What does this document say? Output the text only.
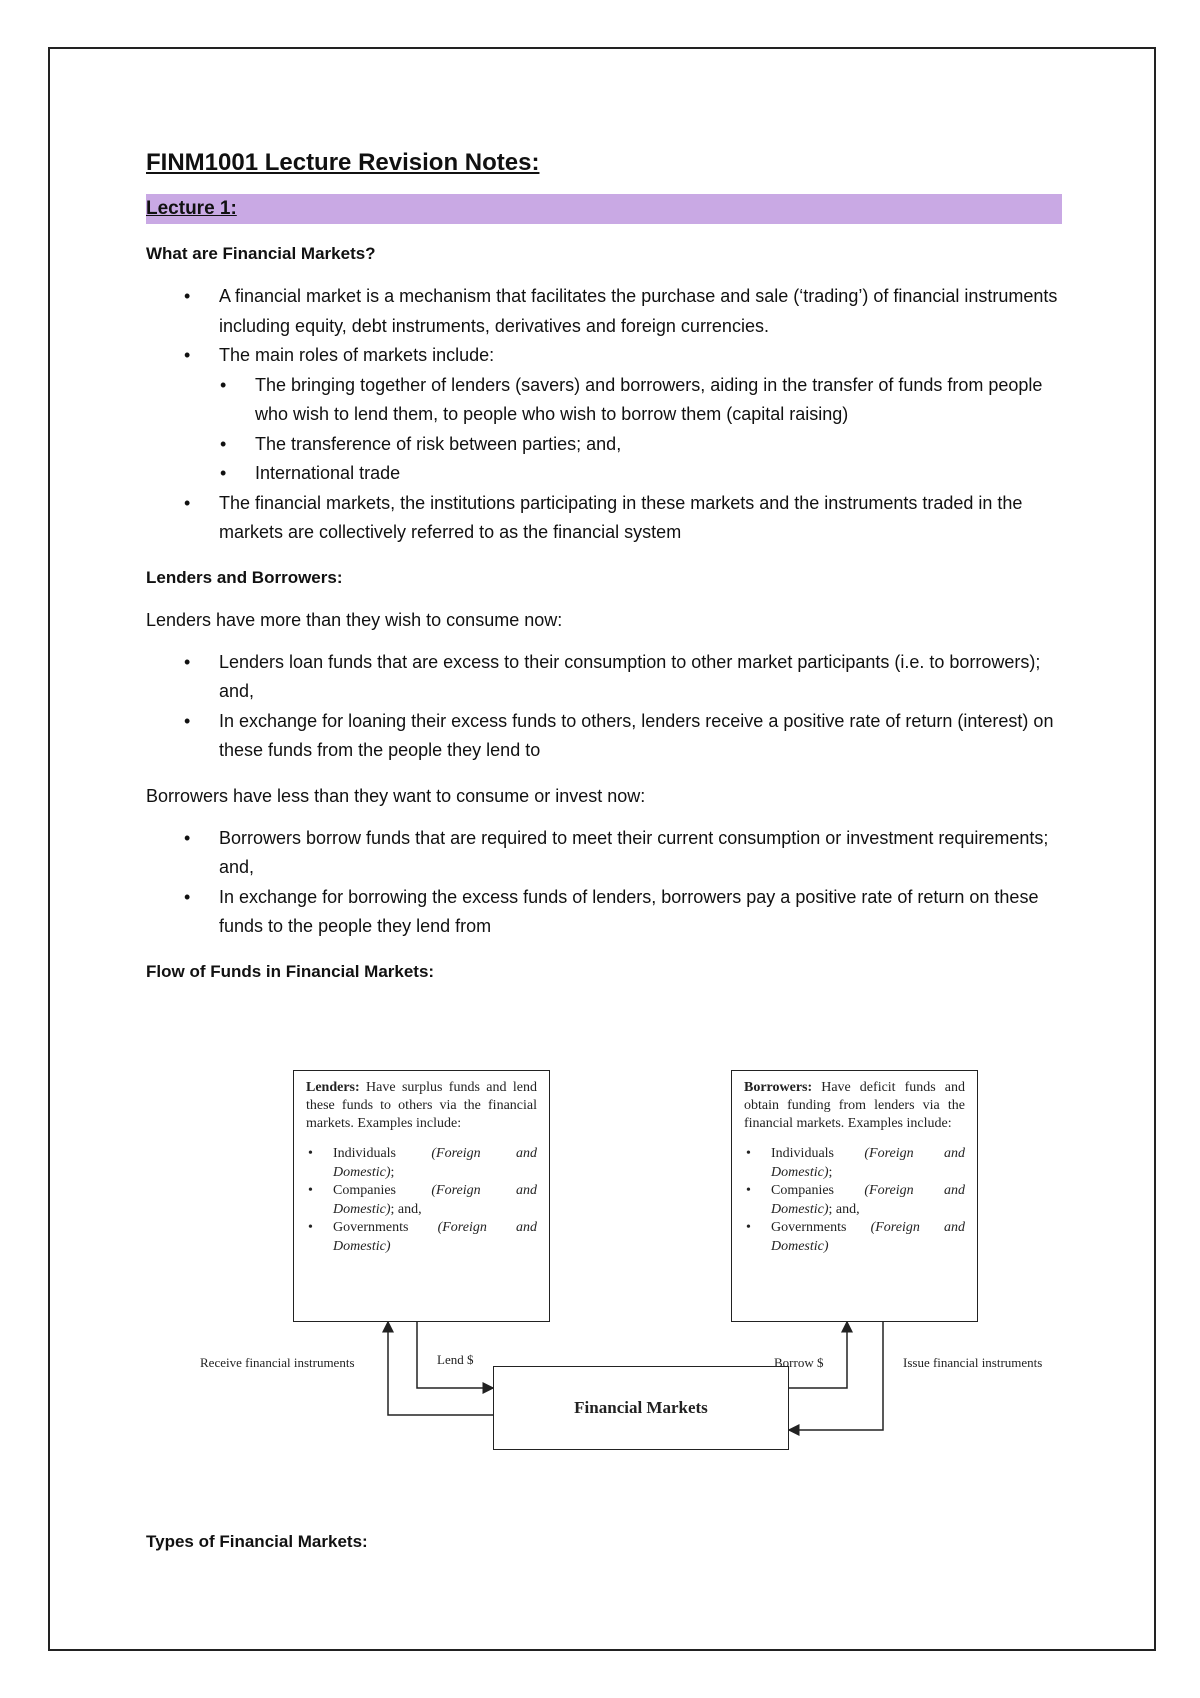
FINM1001 Lecture Revision Notes:
Lecture 1:
What are Financial Markets?
• A financial market is a mechanism that facilitates the purchase and sale (‘trading’) of financial instruments including equity, debt instruments, derivatives and foreign currencies.
• The main roles of markets include:
• The bringing together of lenders (savers) and borrowers, aiding in the transfer of funds from people who wish to lend them, to people who wish to borrow them (capital raising)
• The transference of risk between parties; and,
• International trade
• The financial markets, the institutions participating in these markets and the instruments traded in the markets are collectively referred to as the financial system
Lenders and Borrowers:
Lenders have more than they wish to consume now:
• Lenders loan funds that are excess to their consumption to other market participants (i.e. to borrowers); and,
• In exchange for loaning their excess funds to others, lenders receive a positive rate of return (interest) on these funds from the people they lend to
Borrowers have less than they want to consume or invest now:
• Borrowers borrow funds that are required to meet their current consumption or investment requirements; and,
• In exchange for borrowing the excess funds of lenders, borrowers pay a positive rate of return on these funds to the people they lend from
Flow of Funds in Financial Markets:
Lenders: Have surplus funds and lend these funds to others via the financial markets. Examples include:
• Individuals (Foreign and Domestic);
• Companies (Foreign and Domestic); and,
• Governments (Foreign and Domestic)
Borrowers: Have deficit funds and obtain funding from lenders via the financial markets. Examples include:
• Individuals (Foreign and Domestic);
• Companies (Foreign and Domestic); and,
• Governments (Foreign and Domestic)
Financial Markets
Receive financial instruments	Lend $	Borrow $	Issue financial instruments
Types of Financial Markets:
